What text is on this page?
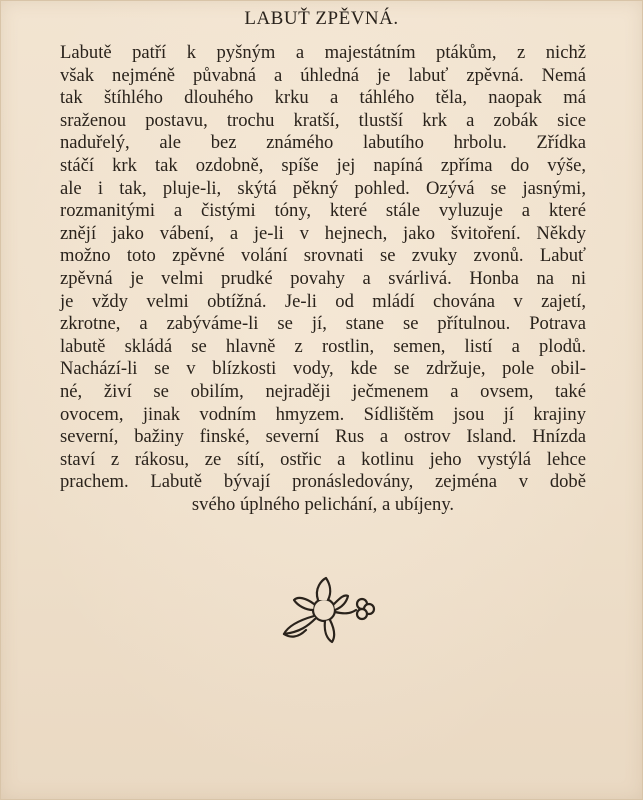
LABUŤ ZPĚVNÁ.

Labutě patří k pyšným a majestátním ptákům, z nichž
však nejméně půvabná a úhledná je labuť zpěvná. Nemá
tak štíhlého dlouhého krku a táhlého těla, naopak má
sraženou postavu, trochu kratší, tlustší krk a zobák sice
naduřelý, ale bez známého labutího hrbolu. Zřídka
stáčí krk tak ozdobně, spíše jej napíná zpříma do výše,
ale i tak, pluje-li, skýtá pěkný pohled. Ozývá se jasnými,
rozmanitými a čistými tóny, které stále vyluzuje a které
znějí jako vábení, a je-li v hejnech, jako švitoření. Někdy
možno toto zpěvné volání srovnati se zvuky zvonů. Labuť
zpěvná je velmi prudké povahy a svárlivá. Honba na ni
je vždy velmi obtížná. Je-li od mládí chována v zajetí,
zkrotne, a zabýváme-li se jí, stane se přítulnou. Potrava
labutě skládá se hlavně z rostlin, semen, listí a plodů.
Nachází-li se v blízkosti vody, kde se zdržuje, pole obil-
né, živí se obilím, nejraději ječmenem a ovsem, také
ovocem, jinak vodním hmyzem. Sídlištěm jsou jí krajiny
severní, bažiny finské, severní Rus a ostrov Island. Hnízda
staví z rákosu, ze sítí, ostřic a kotlinu jeho vystýlá lehce
prachem. Labutě bývají pronásledovány, zejména v době
svého úplného pelichání, a ubíjeny.
